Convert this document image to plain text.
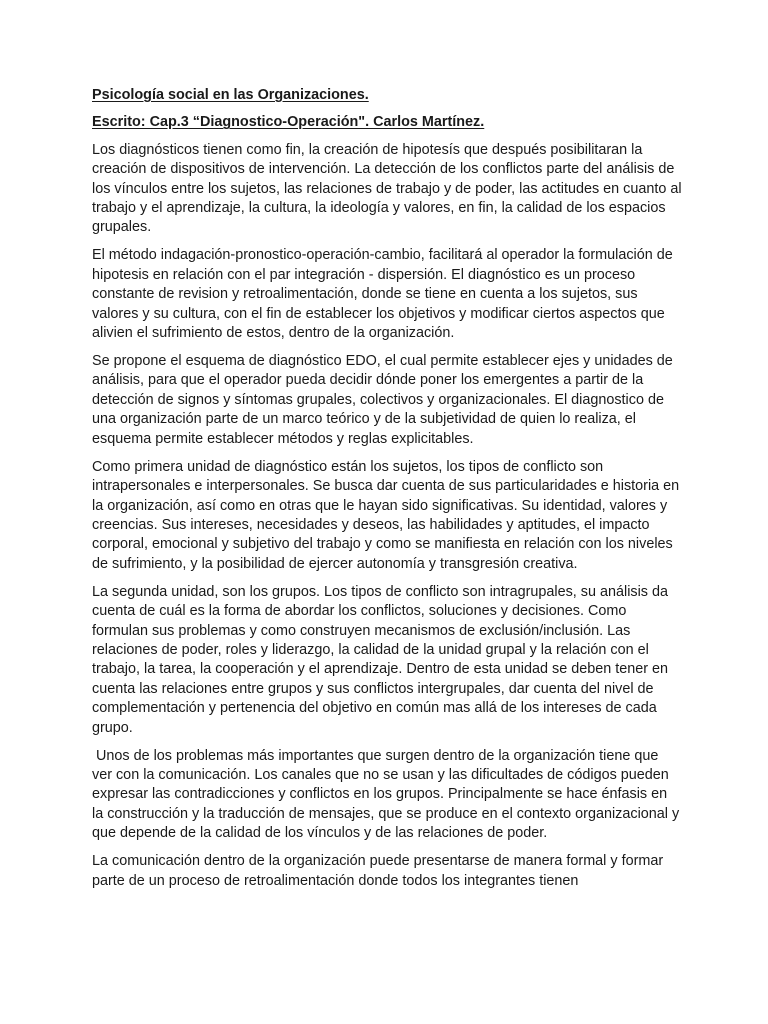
Psicología social en las Organizaciones.
Escrito: Cap.3 “Diagnostico-Operación". Carlos Martínez.

Los diagnósticos tienen como fin, la creación de hipotesís que después posibilitaran la creación de dispositivos de intervención. La detección de los conflictos parte del análisis de los vínculos entre los sujetos, las relaciones de trabajo y de poder, las actitudes en cuanto al trabajo y el aprendizaje, la cultura, la ideología y valores, en fin, la calidad de los espacios grupales.

El método indagación-pronostico-operación-cambio, facilitará al operador la formulación de hipotesis en relación con el par integración - dispersión. El diagnóstico es un proceso constante de revision y retroalimentación, donde se tiene en cuenta a los sujetos, sus valores y su cultura, con el fin de establecer los objetivos y modificar ciertos aspectos que alivien el sufrimiento de estos, dentro de la organización.

Se propone el esquema de diagnóstico EDO, el cual permite establecer ejes y unidades de análisis, para que el operador pueda decidir dónde poner los emergentes a partir de la detección de signos y síntomas grupales, colectivos y organizacionales. El diagnostico de una organización parte de un marco teórico y de la subjetividad de quien lo realiza, el esquema permite establecer métodos y reglas explicitables.

Como primera unidad de diagnóstico están los sujetos, los tipos de conflicto son intrapersonales e interpersonales. Se busca dar cuenta de sus particularidades e historia en la organización, así como en otras que le hayan sido significativas. Su identidad, valores y creencias. Sus intereses, necesidades y deseos, las habilidades y aptitudes, el impacto corporal, emocional y subjetivo del trabajo y como se manifiesta en relación con los niveles de sufrimiento, y la posibilidad de ejercer autonomía y transgresión creativa.

La segunda unidad, son los grupos. Los tipos de conflicto son intragrupales, su análisis da cuenta de cuál es la forma de abordar los conflictos, soluciones y decisiones. Como formulan sus problemas y como construyen mecanismos de exclusión/inclusión. Las relaciones de poder, roles y liderazgo, la calidad de la unidad grupal y la relación con el trabajo, la tarea, la cooperación y el aprendizaje. Dentro de esta unidad se deben tener en cuenta las relaciones entre grupos y sus conflictos intergrupales, dar cuenta del nivel de complementación y pertenencia del objetivo en común mas allá de los intereses de cada grupo.

Unos de los problemas más importantes que surgen dentro de la organización tiene que ver con la comunicación. Los canales que no se usan y las dificultades de códigos pueden expresar las contradicciones y conflictos en los grupos. Principalmente se hace énfasis en la construcción y la traducción de mensajes, que se produce en el contexto organizacional y que depende de la calidad de los vínculos y de las relaciones de poder.

La comunicación dentro de la organización puede presentarse de manera formal y formar parte de un proceso de retroalimentación donde todos los integrantes tienen
